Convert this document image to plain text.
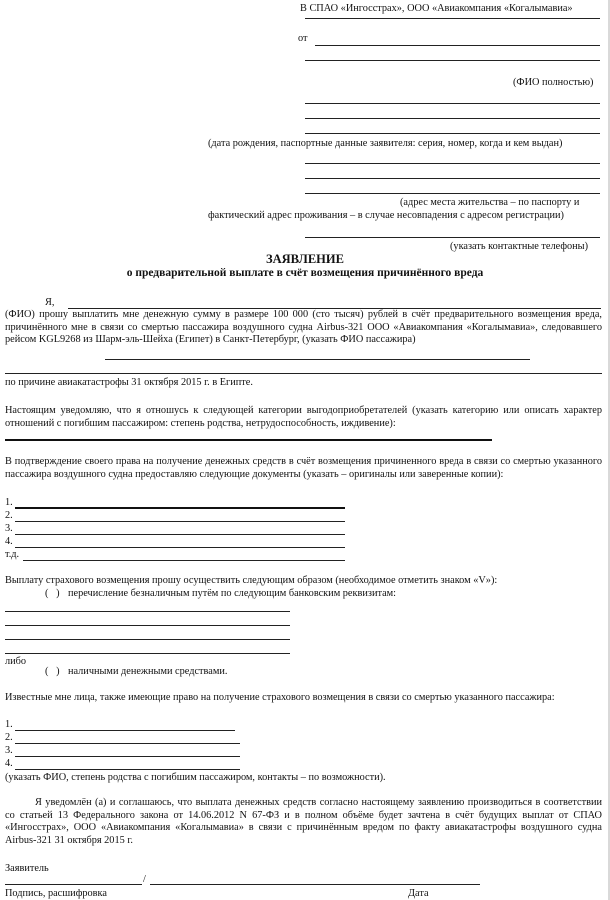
В СПАО «Ингосстрах», ООО «Авиакомпания «Когалымавиа»
от
(ФИО полностью)
(дата рождения, паспортные данные заявителя: серия, номер, когда и кем выдан)
(адрес места жительства – по паспорту и
фактический адрес проживания – в случае несовпадения с адресом регистрации)
(указать контактные телефоны)
ЗАЯВЛЕНИЕ
о предварительной выплате в счёт возмещения причинённого вреда
Я,
(ФИО) прошу выплатить мне денежную сумму в размере 100 000 (сто тысяч) рублей в счёт предварительного возмещения вреда, причинённого мне в связи со смертью пассажира воздушного судна Airbus-321 ООО «Авиакомпания «Когалымавиа», следовавшего рейсом KGL9268 из Шарм-эль-Шейха (Египет) в Санкт-Петербург, (указать ФИО пассажира)
по причине авиакатастрофы 31 октября 2015 г. в Египте.
Настоящим уведомляю, что я отношусь к следующей категории выгодоприобретателей (указать категорию или описать характер отношений с погибшим пассажиром: степень родства, нетрудоспособность, иждивение):
В подтверждение своего права на получение денежных средств в счёт возмещения причиненного вреда в связи со смертью указанного пассажира воздушного судна предоставляю следующие документы (указать – оригиналы или заверенные копии):
1.
2.
3.
4.
т.д.
Выплату страхового возмещения прошу осуществить следующим образом (необходимое отметить знаком «V»):
(   ) перечисление безналичным путём по следующим банковским реквизитам:
либо
(   ) наличными денежными средствами.
Известные мне лица, также имеющие право на получение страхового возмещения в связи со смертью указанного пассажира:
1.
2.
3.
4.
(указать ФИО, степень родства с погибшим пассажиром, контакты – по возможности).
Я уведомлён (а) и соглашаюсь, что выплата денежных средств согласно настоящему заявлению производиться в соответствии со статьей 13 Федерального закона от 14.06.2012 N 67-ФЗ и в полном объёме будет зачтена в счёт будущих выплат от СПАО «Ингосстрах», ООО «Авиакомпания «Когалымавиа» в связи с причинённым вредом по факту авиакатастрофы воздушного судна Airbus-321 31 октября 2015 г.
Заявитель
/
Подпись, расшифровка	Дата
